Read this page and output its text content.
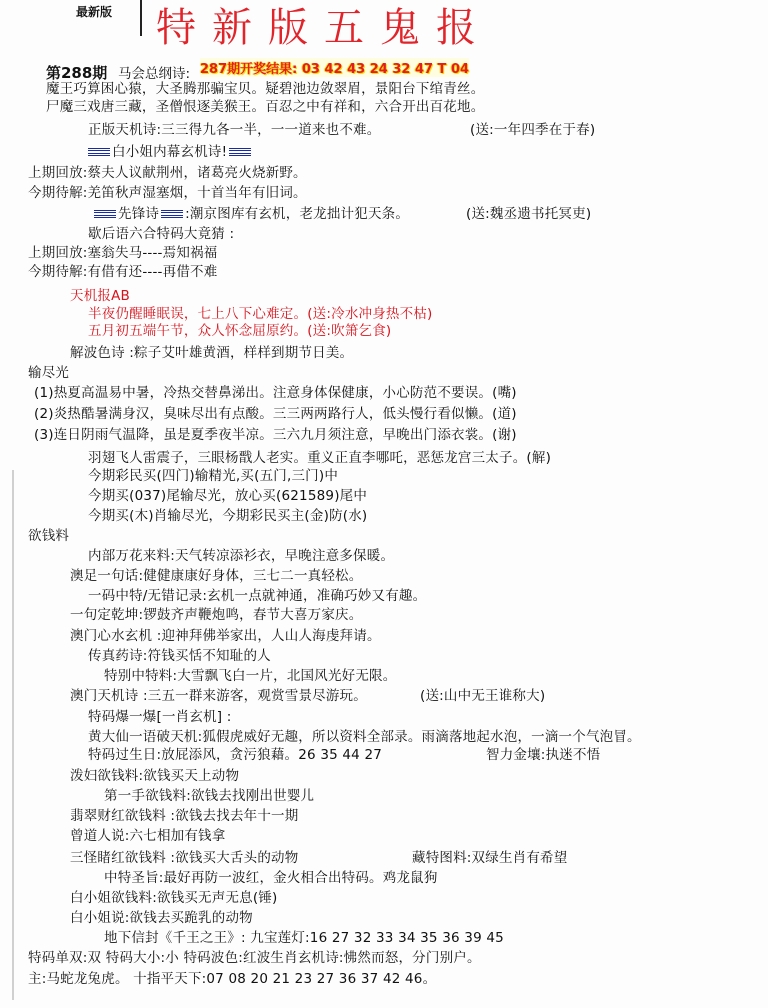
最新版 特新版五鬼报
第288期 马会总纲诗: 287期开奖结果: 03 42 43 24 32 47 T 04
魔王巧算困心猿，大圣腾那骗宝贝。疑碧池边敛翠眉，景阳台下绾青丝。
尸魔三戏唐三藏，圣僧恨逐美猴王。百忍之中有祥和，六合开出百花地。
正版天机诗:三三得九各一半，一一道来也不难。	(送:一年四季在于春)
白小姐内幕玄机诗!
上期回放:蔡夫人议献荆州，诸葛亮火烧新野。
今期待解:羌笛秋声湿塞烟，十首当年有旧词。
先锋诗 :潮京图库有玄机，老龙拙计犯天条。	(送:魏丞遗书托冥吏)
歇后语六合特码大竟猜 :
上期回放:塞翁失马----焉知祸福
今期待解:有借有还----再借不难
天机报AB
半夜仍醒睡眠误，七上八下心难定。(送:冷水冲身热不枯)
五月初五端午节，众人怀念屈原约。(送:吹箫乞食)
解波色诗 :粽子艾叶雄黄酒，样样到期节日美。
输尽光
(1)热夏高温易中暑，冷热交替鼻涕出。注意身体保健康，小心防范不要误。(嘴)
(2)炎热酷暑满身汉，臭味尽出有点酸。三三两两路行人，低头慢行看似懒。(道)
(3)连日阴雨气温降，虽是夏季夜半凉。三六九月须注意，早晚出门添衣裳。(谢)
羽翅飞人雷震子，三眼杨戬人老实。重义正直李哪吒，恶惩龙宫三太子。(解)
今期彩民买(四门)输精光,买(五门,三门)中
今期买(037)尾输尽光，放心买(621589)尾中
今期买(木)肖输尽光，今期彩民买主(金)防(水)
欲钱料
内部万花来料:天气转凉添衫衣，早晚注意多保暖。
澳足一句话:健健康康好身体，三七二一真轻松。
一码中特/无错记录:玄机一点就神通，准确巧妙又有趣。
一句定乾坤:锣鼓齐声鞭炮鸣，春节大喜万家庆。
澳门心水玄机 :迎神拜佛举家出，人山人海虔拜请。
传真药诗:符钱买恬不知耻的人
特别中特料:大雪飘飞白一片，北国风光好无限。
澳门天机诗 :三五一群来游客，观赏雪景尽游玩。	(送:山中无王谁称大)
特码爆一爆[一肖玄机] :
黄大仙一语破天机:狐假虎威好无趣，所以资料全部录。雨滴落地起水泡，一滴一个气泡冒。
特码过生日:放屁添风，贪污狼藉。26 35 44 27	智力金壤:执迷不悟
泼妇欲钱料:欲钱买天上动物
第一手欲钱料:欲钱去找刚出世婴儿
翡翠财红欲钱料 :欲钱去找去年十一期
曾道人说:六七相加有钱拿
三怪睹红欲钱料 :欲钱买大舌头的动物	藏特图料:双绿生肖有希望
中特圣旨:最好再防一波红，金火相合出特码。鸡龙鼠狗
白小姐欲钱料:欲钱买无声无息(锤)
白小姐说:欲钱去买跪乳的动物
地下信封《千王之王》: 九宝莲灯:16 27 32 33 34 35 36 39 45
特码单双:双 特码大小:小 特码波色:红波生肖玄机诗:怫然而怒，分门别户。
主:马蛇龙兔虎。 十指平天下:07 08 20 21 23 27 36 37 42 46。
